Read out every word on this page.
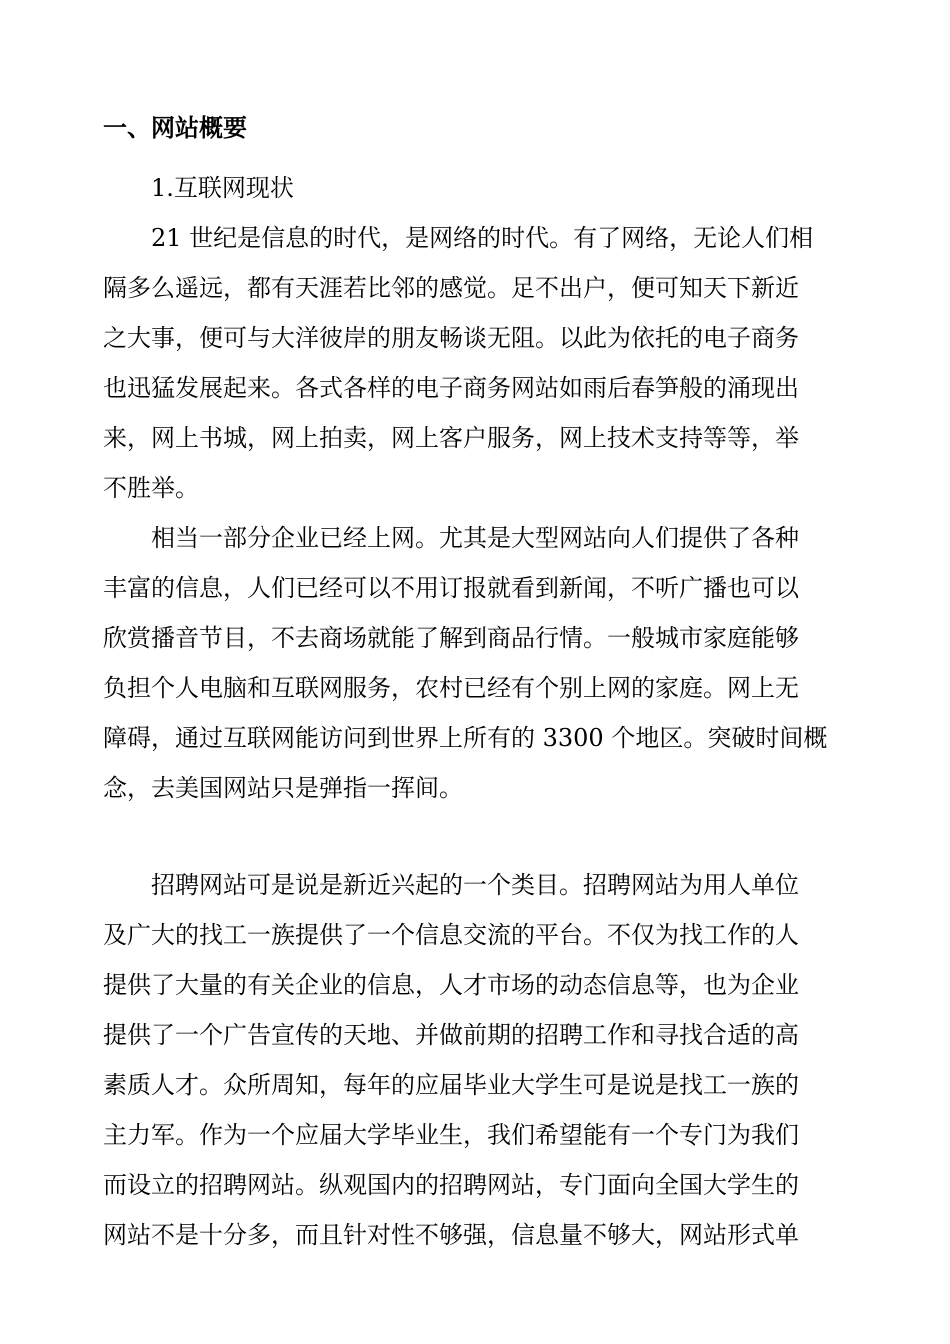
一、网站概要
1.互联网现状
21 世纪是信息的时代，是网络的时代。有了网络，无论人们相
隔多么遥远，都有天涯若比邻的感觉。足不出户，便可知天下新近
之大事，便可与大洋彼岸的朋友畅谈无阻。以此为依托的电子商务
也迅猛发展起来。各式各样的电子商务网站如雨后春笋般的涌现出
来，网上书城，网上拍卖，网上客户服务，网上技术支持等等，举
不胜举。
相当一部分企业已经上网。尤其是大型网站向人们提供了各种
丰富的信息，人们已经可以不用订报就看到新闻，不听广播也可以
欣赏播音节目，不去商场就能了解到商品行情。一般城市家庭能够
负担个人电脑和互联网服务，农村已经有个别上网的家庭。网上无
障碍，通过互联网能访问到世界上所有的 3300 个地区。突破时间概
念，去美国网站只是弹指一挥间。
招聘网站可是说是新近兴起的一个类目。招聘网站为用人单位
及广大的找工一族提供了一个信息交流的平台。不仅为找工作的人
提供了大量的有关企业的信息，人才市场的动态信息等，也为企业
提供了一个广告宣传的天地、并做前期的招聘工作和寻找合适的高
素质人才。众所周知，每年的应届毕业大学生可是说是找工一族的
主力军。作为一个应届大学毕业生，我们希望能有一个专门为我们
而设立的招聘网站。纵观国内的招聘网站，专门面向全国大学生的
网站不是十分多，而且针对性不够强，信息量不够大，网站形式单
